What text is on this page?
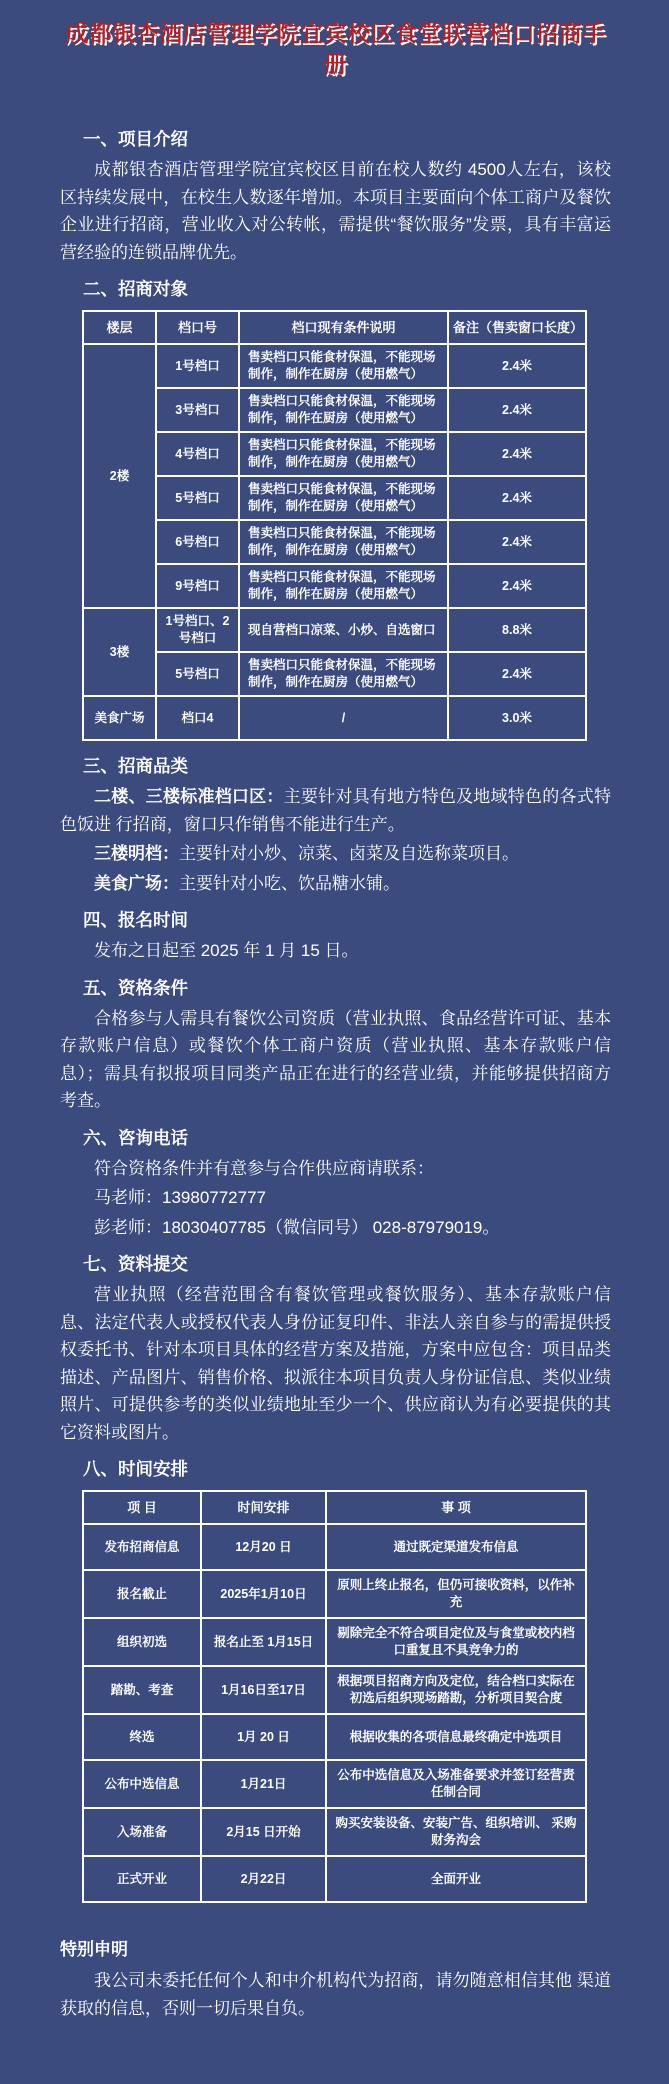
成都银杏酒店管理学院宜宾校区食堂联营档口招商手册
一、项目介绍

成都银杏酒店管理学院宜宾校区目前在校人数约 4500人左右，该校区持续发展中，在校生人数逐年增加。本项目主要面向个体工商户及餐饮企业进行招商，营业收入对公转帐，需提供“餐饮服务”发票，具有丰富运营经验的连锁品牌优先。

二、招商对象
楼层	档口号	档口现有条件说明	备注（售卖窗口长度）
2楼	1号档口	售卖档口只能食材保温，不能现场制作，制作在厨房（使用燃气）	2.4米
	3号档口	售卖档口只能食材保温，不能现场制作，制作在厨房（使用燃气）	2.4米
	4号档口	售卖档口只能食材保温，不能现场制作，制作在厨房（使用燃气）	2.4米
	5号档口	售卖档口只能食材保温，不能现场制作，制作在厨房（使用燃气）	2.4米
	6号档口	售卖档口只能食材保温，不能现场制作，制作在厨房（使用燃气）	2.4米
	9号档口	售卖档口只能食材保温，不能现场制作，制作在厨房（使用燃气）	2.4米
3楼	1号档口、2号档口	现自营档口凉菜、小炒、自选窗口	8.8米
	5号档口	售卖档口只能食材保温，不能现场制作，制作在厨房（使用燃气）	2.4米
美食广场	档口4	/	3.0米
三、招商品类

二楼、三楼标准档口区：主要针对具有地方特色及地域特色的各式特色饭进 行招商，窗口只作销售不能进行生产。

三楼明档：主要针对小炒、凉菜、卤菜及自选称菜项目。

美食广场：主要针对小吃、饮品糖水铺。

四、报名时间

发布之日起至 2025 年 1 月 15 日。

五、资格条件

合格参与人需具有餐饮公司资质（营业执照、食品经营许可证、基本存款账户信息）或餐饮个体工商户资质（营业执照、基本存款账户信息）；需具有拟报项目同类产品正在进行的经营业绩，并能够提供招商方考查。

六、咨询电话

符合资格条件并有意参与合作供应商请联系：

马老师：13980772777

彭老师：18030407785（微信同号） 028-87979019。

七、资料提交

营业执照（经营范围含有餐饮管理或餐饮服务）、基本存款账户信息、法定代表人或授权代表人身份证复印件、非法人亲自参与的需提供授权委托书、针对本项目具体的经营方案及措施，方案中应包含：项目品类描述、产品图片、销售价格、拟派往本项目负责人身份证信息、类似业绩照片、可提供参考的类似业绩地址至少一个、供应商认为有必要提供的其它资料或图片。

八、时间安排
项 目	时间安排	事 项
发布招商信息	12月20 日	通过既定渠道发布信息
报名截止	2025年1月10日	原则上终止报名，但仍可接收资料，以作补充
组织初选	报名止至 1月15日	剔除完全不符合项目定位及与食堂或校内档口重复且不具竞争力的
踏勘、考查	1月16日至17日	根据项目招商方向及定位，结合档口实际在初选后组织现场踏勘，分析项目契合度
终选	1月 20 日	根据收集的各项信息最终确定中选项目
公布中选信息	1月21日	公布中选信息及入场准备要求并签订经营责任制合同
入场准备	2月15 日开始	购买安装设备、安装广告、组织培训、 采购财务沟会
正式开业	2月22日	全面开业
特别申明

我公司未委托任何个人和中介机构代为招商，请勿随意相信其他 渠道获取的信息，否则一切后果自负。
